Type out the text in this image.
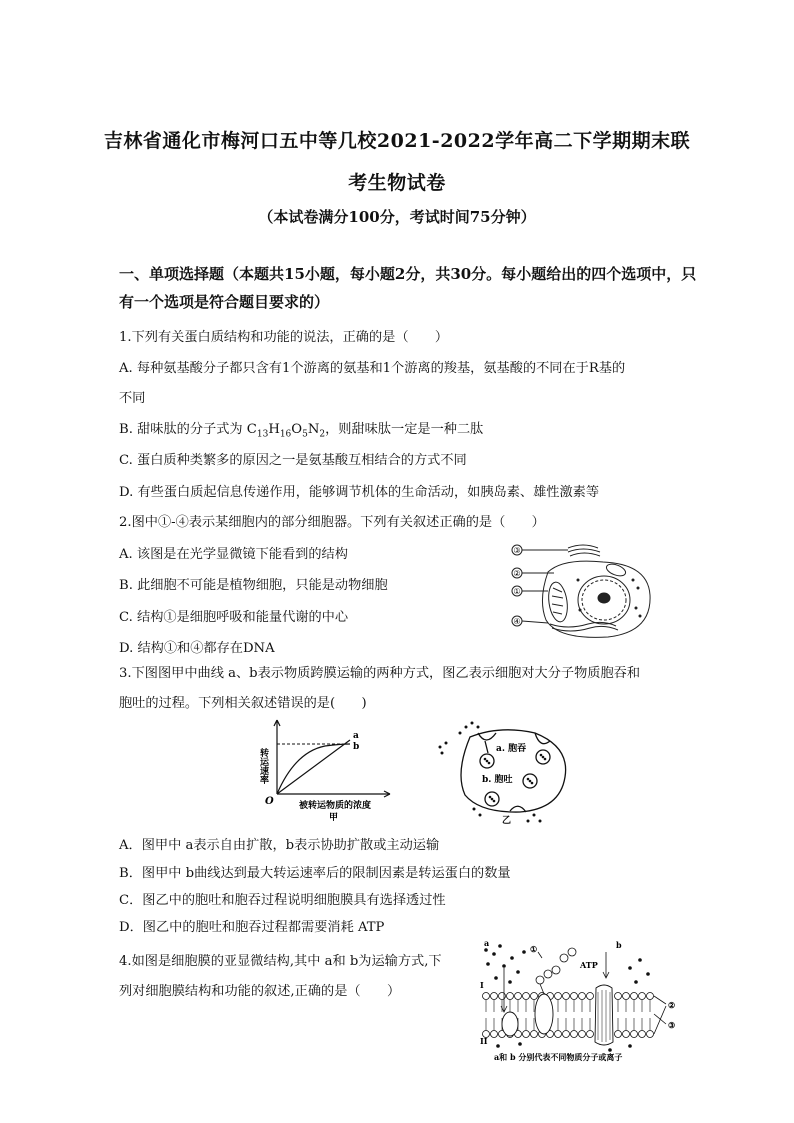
吉林省通化市梅河口五中等几校2021-2022学年高二下学期期末联
考生物试卷
（本试卷满分100分，考试时间75分钟）
一、单项选择题（本题共15小题，每小题2分，共30分。每小题给出的四个选项中，只
有一个选项是符合题目要求的）
1.下列有关蛋白质结构和功能的说法，正确的是（　　）
A. 每种氨基酸分子都只含有1个游离的氨基和1个游离的羧基，氨基酸的不同在于R基的
不同
B. 甜味肽的分子式为 $C_{13}H_{16}O_5N_2$，则甜味肽一定是一种二肽
C. 蛋白质种类繁多的原因之一是氨基酸互相结合的方式不同
D. 有些蛋白质起信息传递作用，能够调节机体的生命活动，如胰岛素、雄性激素等
2.图中①-④表示某细胞内的部分细胞器。下列有关叙述正确的是（　　）
A. 该图是在光学显微镜下能看到的结构
B. 此细胞不可能是植物细胞，只能是动物细胞
C. 结构①是细胞呼吸和能量代谢的中心
D. 结构①和④都存在DNA
③
②
①
④
3.下图图甲中曲线 a、b表示物质跨膜运输的两种方式，图乙表示细胞对大分子物质胞吞和
胞吐的过程。下列相关叙述错误的是(　　)
转运速率
a
b
O	被转运物质的浓度
甲
a. 胞吞
b. 胞吐
乙
A．图甲中 a表示自由扩散，b表示协助扩散或主动运输
B．图甲中 b曲线达到最大转运速率后的限制因素是转运蛋白的数量
C．图乙中的胞吐和胞吞过程说明细胞膜具有选择透过性
D．图乙中的胞吐和胞吞过程都需要消耗 ATP
4.如图是细胞膜的亚显微结构,其中 a和 b为运输方式,下
列对细胞膜结构和功能的叙述,正确的是（　　）
a	b
ATP
①
②
③
I
II
a和 b 分别代表不同物质分子或离子
